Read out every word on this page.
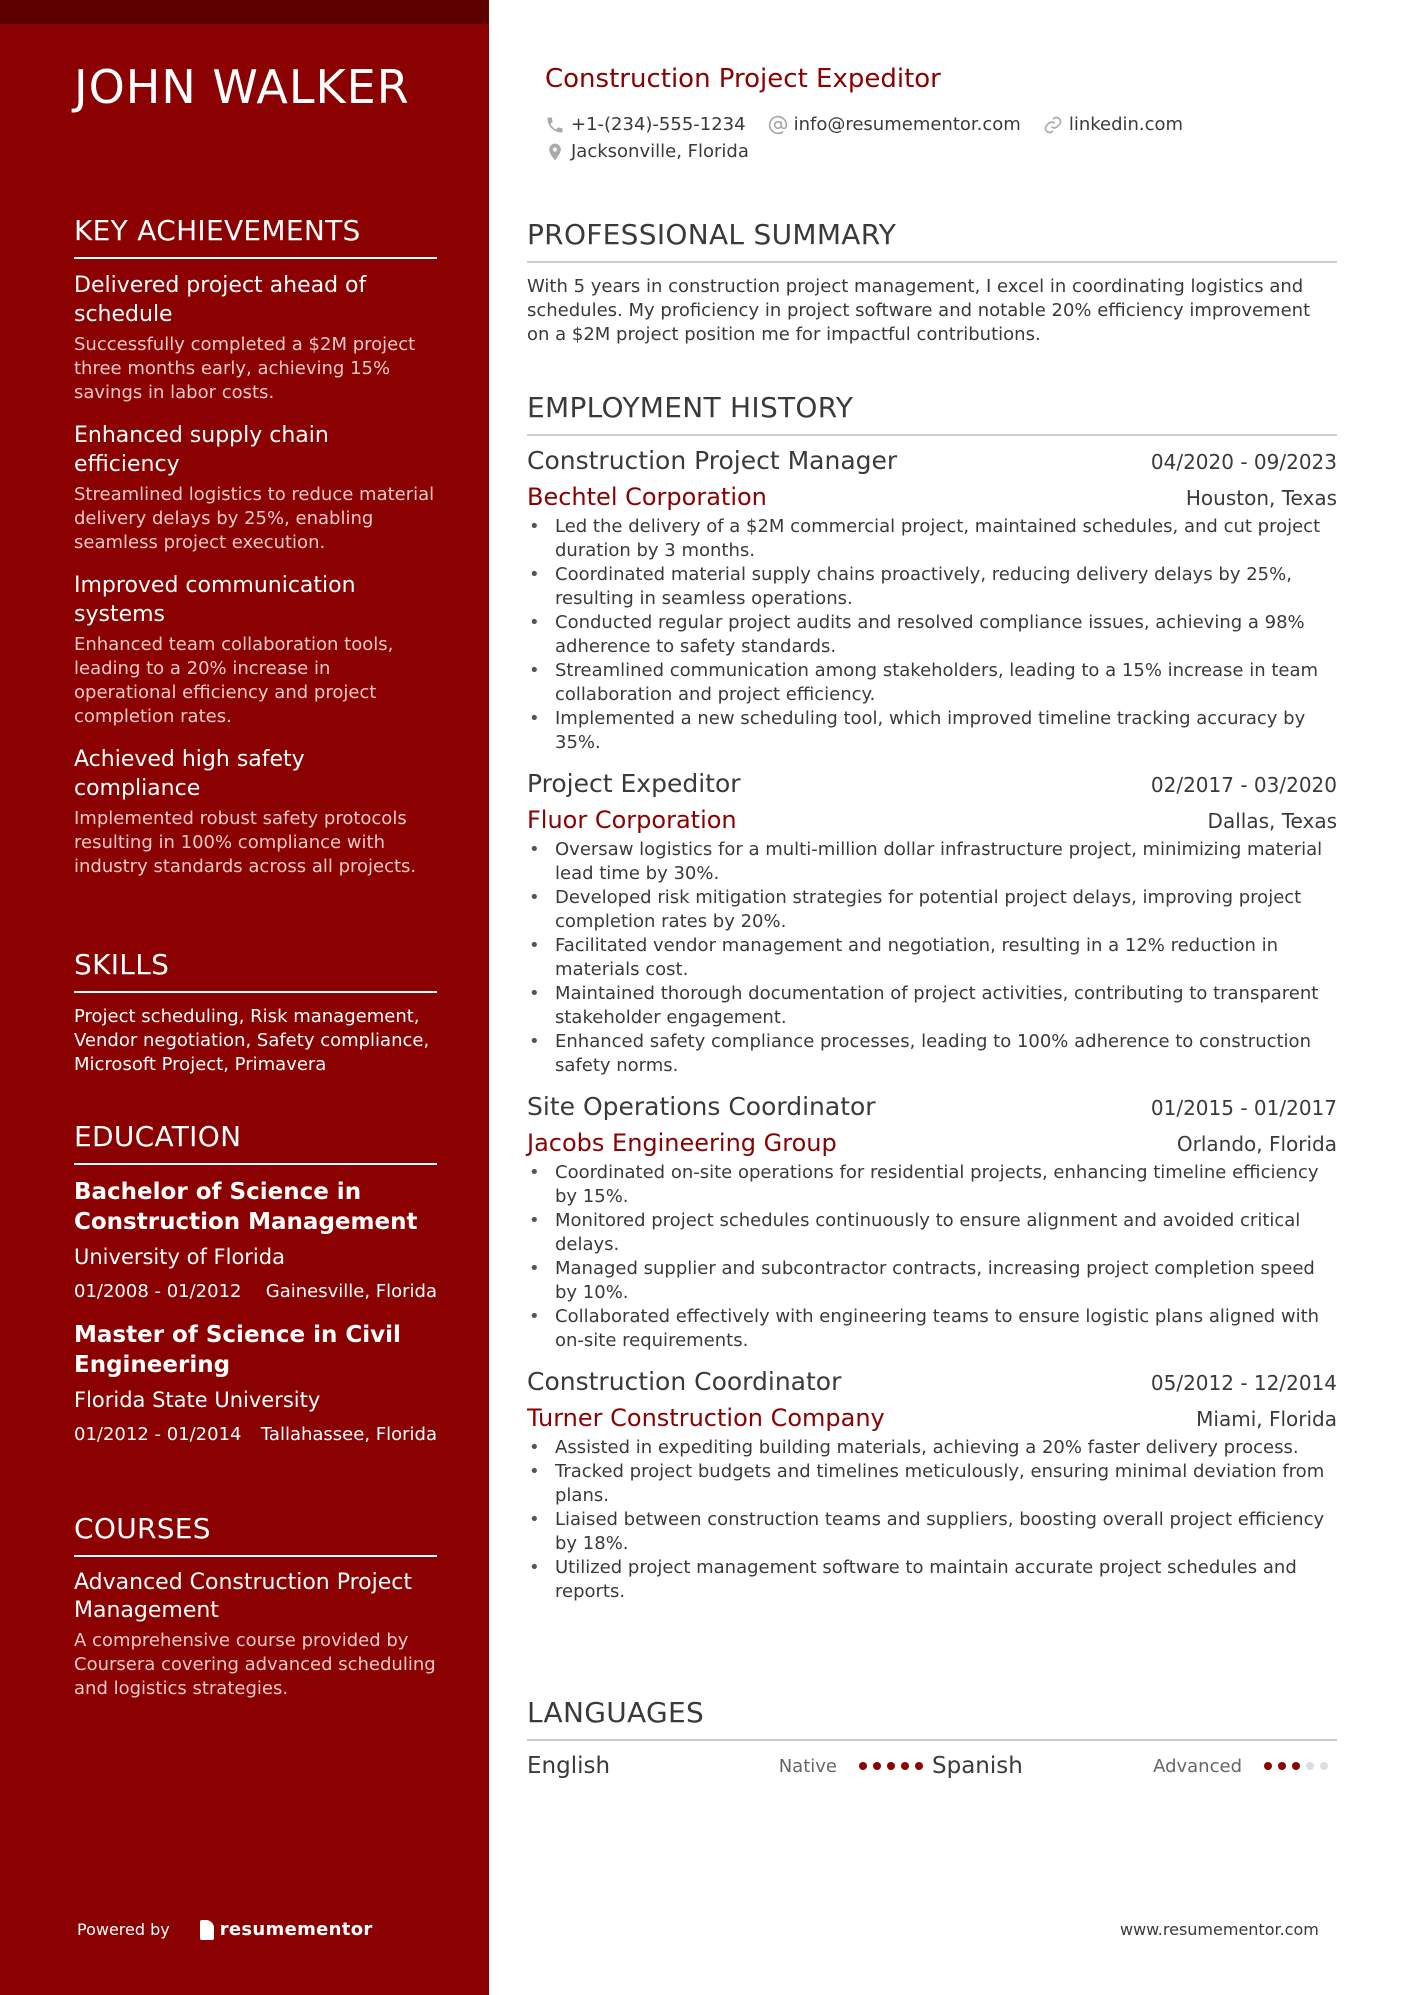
JOHN WALKER
KEY ACHIEVEMENTS
Delivered project ahead of schedule
Successfully completed a $2M project three months early, achieving 15% savings in labor costs.
Enhanced supply chain efficiency
Streamlined logistics to reduce material delivery delays by 25%, enabling seamless project execution.
Improved communication systems
Enhanced team collaboration tools, leading to a 20% increase in operational efficiency and project completion rates.
Achieved high safety compliance
Implemented robust safety protocols resulting in 100% compliance with industry standards across all projects.
SKILLS
Project scheduling, Risk management, Vendor negotiation, Safety compliance, Microsoft Project, Primavera
EDUCATION
Bachelor of Science in Construction Management
University of Florida
01/2008 - 01/2012 Gainesville, Florida
Master of Science in Civil Engineering
Florida State University
01/2012 - 01/2014 Tallahassee, Florida
COURSES
Advanced Construction Project Management
A comprehensive course provided by Coursera covering advanced scheduling and logistics strategies.
Powered by	resumementor
Construction Project Expeditor
+1-(234)-555-1234	info@resumementor.com	linkedin.com
Jacksonville, Florida
PROFESSIONAL SUMMARY
With 5 years in construction project management, I excel in coordinating logistics and schedules. My proficiency in project software and notable 20% efficiency improvement on a $2M project position me for impactful contributions.
EMPLOYMENT HISTORY
Construction Project Manager	04/2020 - 09/2023
Bechtel Corporation	Houston, Texas
• Led the delivery of a $2M commercial project, maintained schedules, and cut project duration by 3 months.
• Coordinated material supply chains proactively, reducing delivery delays by 25%, resulting in seamless operations.
• Conducted regular project audits and resolved compliance issues, achieving a 98% adherence to safety standards.
• Streamlined communication among stakeholders, leading to a 15% increase in team collaboration and project efficiency.
• Implemented a new scheduling tool, which improved timeline tracking accuracy by 35%.
Project Expeditor	02/2017 - 03/2020
Fluor Corporation	Dallas, Texas
• Oversaw logistics for a multi-million dollar infrastructure project, minimizing material lead time by 30%.
• Developed risk mitigation strategies for potential project delays, improving project completion rates by 20%.
• Facilitated vendor management and negotiation, resulting in a 12% reduction in materials cost.
• Maintained thorough documentation of project activities, contributing to transparent stakeholder engagement.
• Enhanced safety compliance processes, leading to 100% adherence to construction safety norms.
Site Operations Coordinator	01/2015 - 01/2017
Jacobs Engineering Group	Orlando, Florida
• Coordinated on-site operations for residential projects, enhancing timeline efficiency by 15%.
• Monitored project schedules continuously to ensure alignment and avoided critical delays.
• Managed supplier and subcontractor contracts, increasing project completion speed by 10%.
• Collaborated effectively with engineering teams to ensure logistic plans aligned with on-site requirements.
Construction Coordinator	05/2012 - 12/2014
Turner Construction Company	Miami, Florida
• Assisted in expediting building materials, achieving a 20% faster delivery process.
• Tracked project budgets and timelines meticulously, ensuring minimal deviation from plans.
• Liaised between construction teams and suppliers, boosting overall project efficiency by 18%.
• Utilized project management software to maintain accurate project schedules and reports.
LANGUAGES
English	Native	Spanish	Advanced
www.resumementor.com
